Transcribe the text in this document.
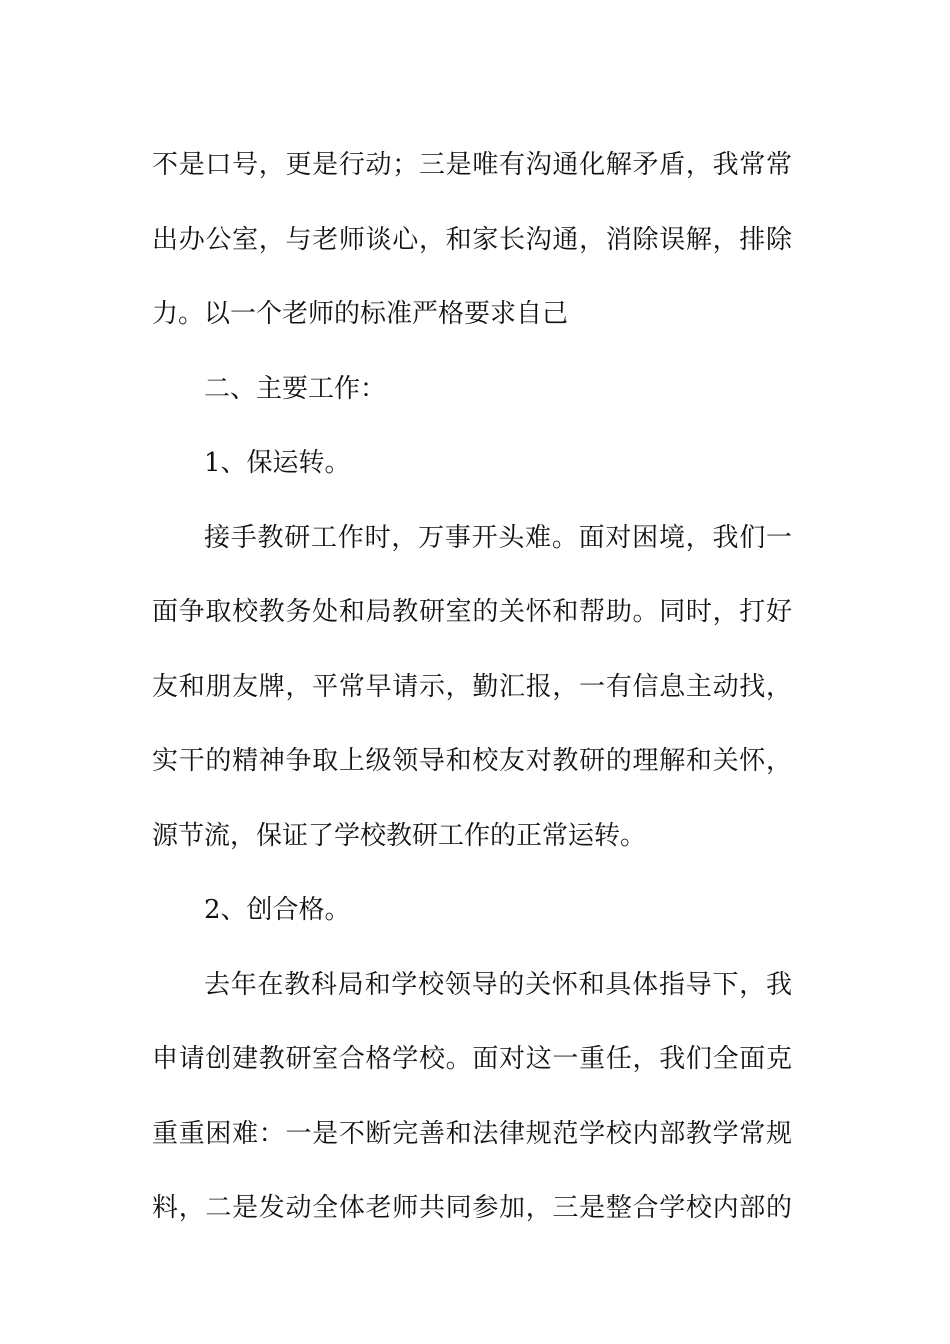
不是口号，更是行动；三是唯有沟通化解矛盾，我常常
出办公室，与老师谈心，和家长沟通，消除误解，排除
力。以一个老师的标准严格要求自己
二、主要工作：
1、保运转。
接手教研工作时，万事开头难。面对困境，我们一
面争取校教务处和局教研室的关怀和帮助。同时，打好
友和朋友牌，平常早请示，勤汇报，一有信息主动找，
实干的精神争取上级领导和校友对教研的理解和关怀，
源节流，保证了学校教研工作的正常运转。
2、创合格。
去年在教科局和学校领导的关怀和具体指导下，我
申请创建教研室合格学校。面对这一重任，我们全面克
重重困难：一是不断完善和法律规范学校内部教学常规
料，二是发动全体老师共同参加，三是整合学校内部的
